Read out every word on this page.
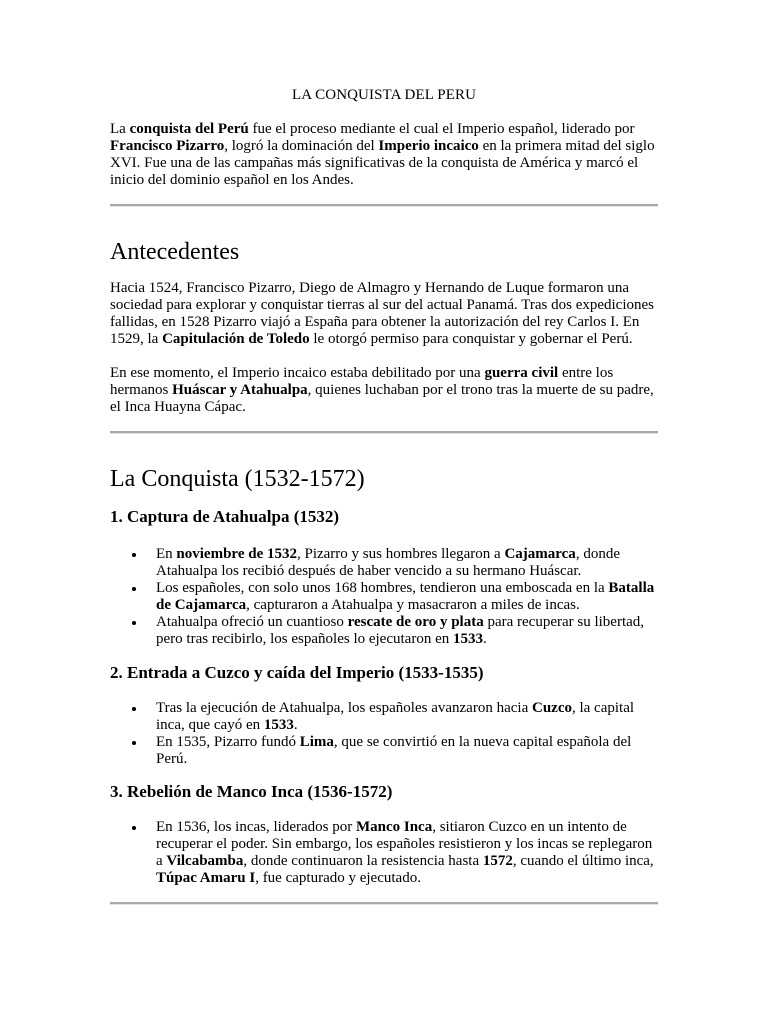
LA CONQUISTA DEL PERU

La conquista del Perú fue el proceso mediante el cual el Imperio español, liderado por Francisco Pizarro, logró la dominación del Imperio incaico en la primera mitad del siglo XVI. Fue una de las campañas más significativas de la conquista de América y marcó el inicio del dominio español en los Andes.

Antecedentes

Hacia 1524, Francisco Pizarro, Diego de Almagro y Hernando de Luque formaron una sociedad para explorar y conquistar tierras al sur del actual Panamá. Tras dos expediciones fallidas, en 1528 Pizarro viajó a España para obtener la autorización del rey Carlos I. En 1529, la Capitulación de Toledo le otorgó permiso para conquistar y gobernar el Perú.

En ese momento, el Imperio incaico estaba debilitado por una guerra civil entre los hermanos Huáscar y Atahualpa, quienes luchaban por el trono tras la muerte de su padre, el Inca Huayna Cápac.

La Conquista (1532-1572)
1. Captura de Atahualpa (1532)
En noviembre de 1532, Pizarro y sus hombres llegaron a Cajamarca, donde Atahualpa los recibió después de haber vencido a su hermano Huáscar.
Los españoles, con solo unos 168 hombres, tendieron una emboscada en la Batalla de Cajamarca, capturaron a Atahualpa y masacraron a miles de incas.
Atahualpa ofreció un cuantioso rescate de oro y plata para recuperar su libertad, pero tras recibirlo, los españoles lo ejecutaron en 1533.
2. Entrada a Cuzco y caída del Imperio (1533-1535)
Tras la ejecución de Atahualpa, los españoles avanzaron hacia Cuzco, la capital inca, que cayó en 1533.
En 1535, Pizarro fundó Lima, que se convirtió en la nueva capital española del Perú.
3. Rebelión de Manco Inca (1536-1572)
En 1536, los incas, liderados por Manco Inca, sitiaron Cuzco en un intento de recuperar el poder. Sin embargo, los españoles resistieron y los incas se replegaron a Vilcabamba, donde continuaron la resistencia hasta 1572, cuando el último inca, Túpac Amaru I, fue capturado y ejecutado.
